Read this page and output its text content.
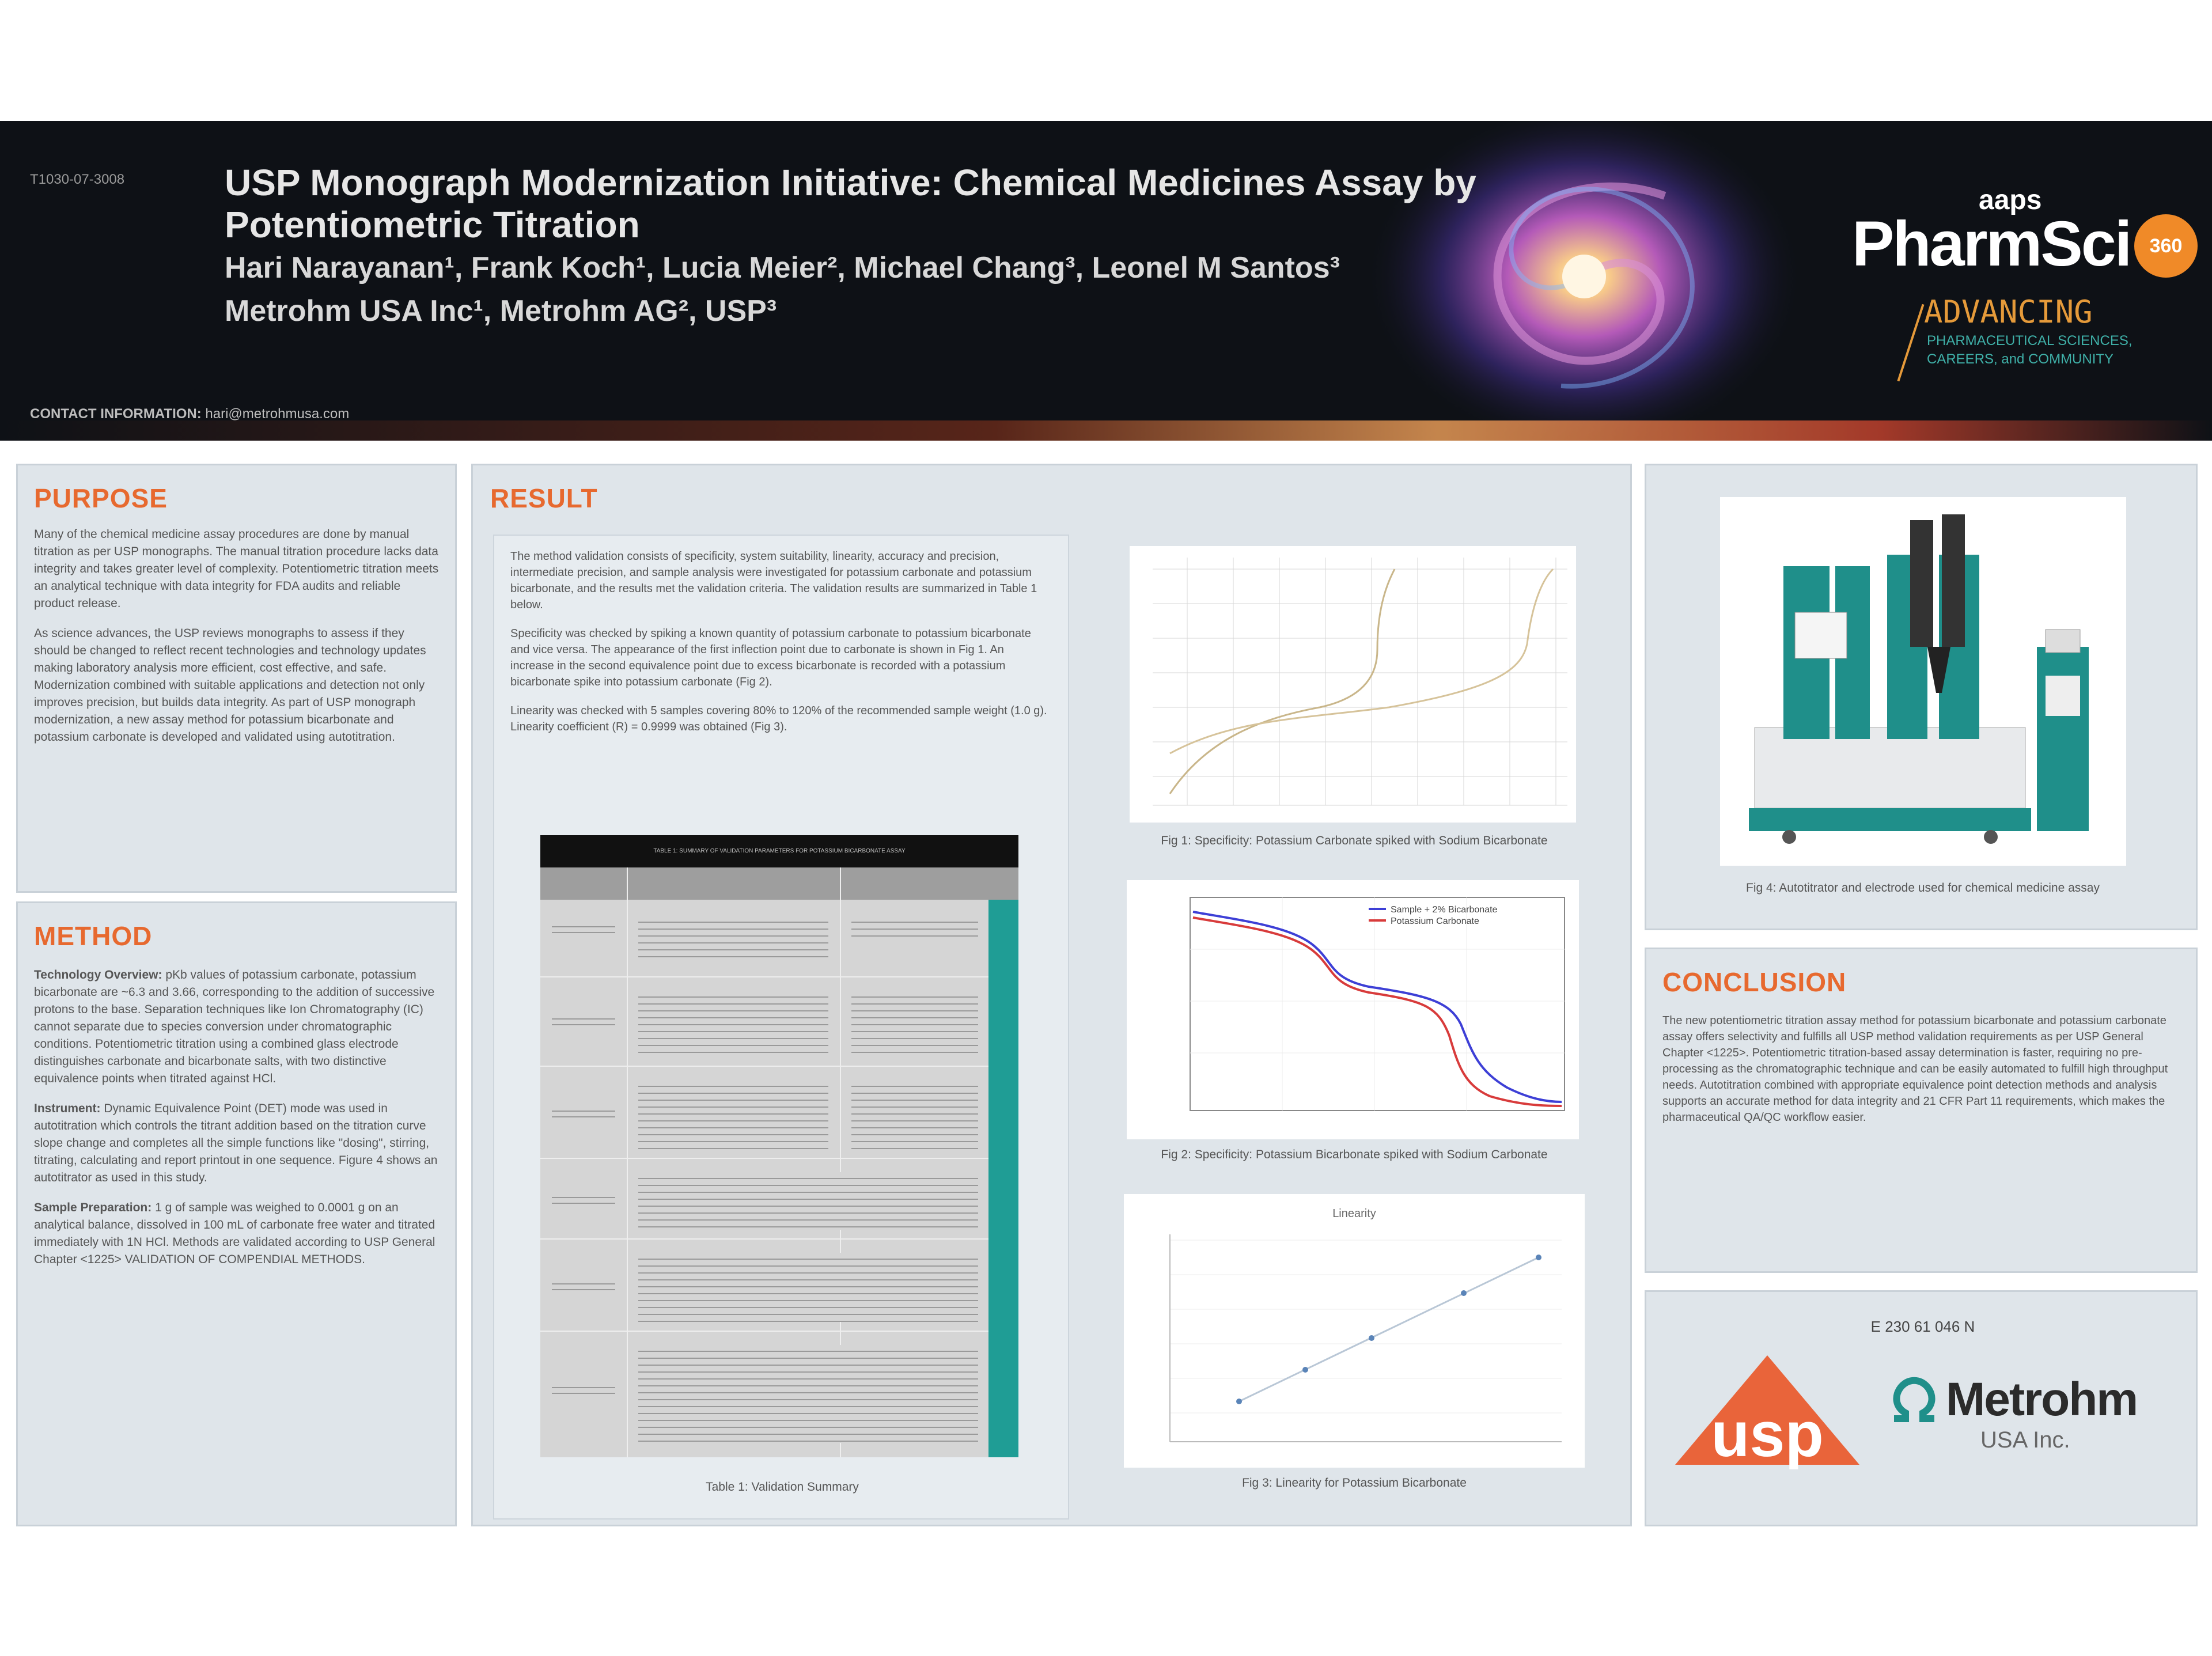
T1030-07-3008	USP Monograph Modernization Initiative: Chemical Medicines Assay by
Potentiometric Titration
Hari Narayanan¹, Frank Koch¹, Lucia Meier², Michael Chang³, Leonel M Santos³
Metrohm USA Inc¹, Metrohm AG², USP³
CONTACT INFORMATION: hari@metrohmusa.com
aaps
PharmSci 360
ADVANCING
PHARMACEUTICAL SCIENCES,
CAREERS, and COMMUNITY
PURPOSE

Many of the chemical medicine assay procedures are done by manual titration as per USP monographs. The manual titration procedure lacks data integrity and takes greater level of complexity. Potentiometric titration meets an analytical technique with data integrity for FDA audits and reliable product release.

As science advances, the USP reviews monographs to assess if they should be changed to reflect recent technologies and technology updates making laboratory analysis more efficient, cost effective, and safe. Modernization combined with suitable applications and detection not only improves precision, but builds data integrity. As part of USP monograph modernization, a new assay method for potassium bicarbonate and potassium carbonate is developed and validated using autotitration.

METHOD

Technology Overview: pKb values of potassium carbonate, potassium bicarbonate are ~6.3 and 3.66, corresponding to the addition of successive protons to the base. Separation techniques like Ion Chromatography (IC) cannot separate due to species conversion under chromatographic conditions. Potentiometric titration using a combined glass electrode distinguishes carbonate and bicarbonate salts, with two distinctive equivalence points when titrated against HCl.

Instrument: Dynamic Equivalence Point (DET) mode was used in autotitration which controls the titrant addition based on the titration curve slope change and completes all the simple functions like "dosing", stirring, titrating, calculating and report printout in one sequence. Figure 4 shows an autotitrator as used in this study.

Sample Preparation: 1 g of sample was weighed to 0.0001 g on an analytical balance, dissolved in 100 mL of carbonate free water and titrated immediately with 1N HCl. Methods are validated according to USP General Chapter <1225> VALIDATION OF COMPENDIAL METHODS.

RESULT

The method validation consists of specificity, system suitability, linearity, accuracy and precision, intermediate precision, and sample analysis were investigated for potassium carbonate and potassium bicarbonate, and the results met the validation criteria. The validation results are summarized in Table 1 below.

Specificity was checked by spiking a known quantity of potassium carbonate to potassium bicarbonate and vice versa. The appearance of the first inflection point due to carbonate is shown in Fig 1. An increase in the second equivalence point due to excess bicarbonate is recorded with a potassium bicarbonate spike into potassium carbonate (Fig 2).

Linearity was checked with 5 samples covering 80% to 120% of the recommended sample weight (1.0 g). Linearity coefficient (R) = 0.9999 was obtained (Fig 3).

TABLE 1: SUMMARY OF VALIDATION PARAMETERS FOR POTASSIUM BICARBONATE ASSAY
Table 1: Validation Summary
Fig 1: Specificity: Potassium Carbonate spiked with Sodium Bicarbonate
Sample + 2% Bicarbonate
Potassium Carbonate
Fig 2: Specificity: Potassium Bicarbonate spiked with Sodium Carbonate
Linearity
Fig 3: Linearity for Potassium Bicarbonate
Fig 4: Autotitrator and electrode used for chemical medicine assay
CONCLUSION
The new potentiometric titration assay method for potassium bicarbonate and potassium carbonate assay offers selectivity and fulfills all USP method validation requirements as per USP General Chapter <1225>. Potentiometric titration-based assay determination is faster, requiring no pre-processing as the chromatographic technique and can be easily automated to fulfill high throughput needs. Autotitration combined with appropriate equivalence point detection methods and analysis supports an accurate method for data integrity and 21 CFR Part 11 requirements, which makes the pharmaceutical QA/QC workflow easier.
E 230 61 046 N
usp	Metrohm
USA Inc.
